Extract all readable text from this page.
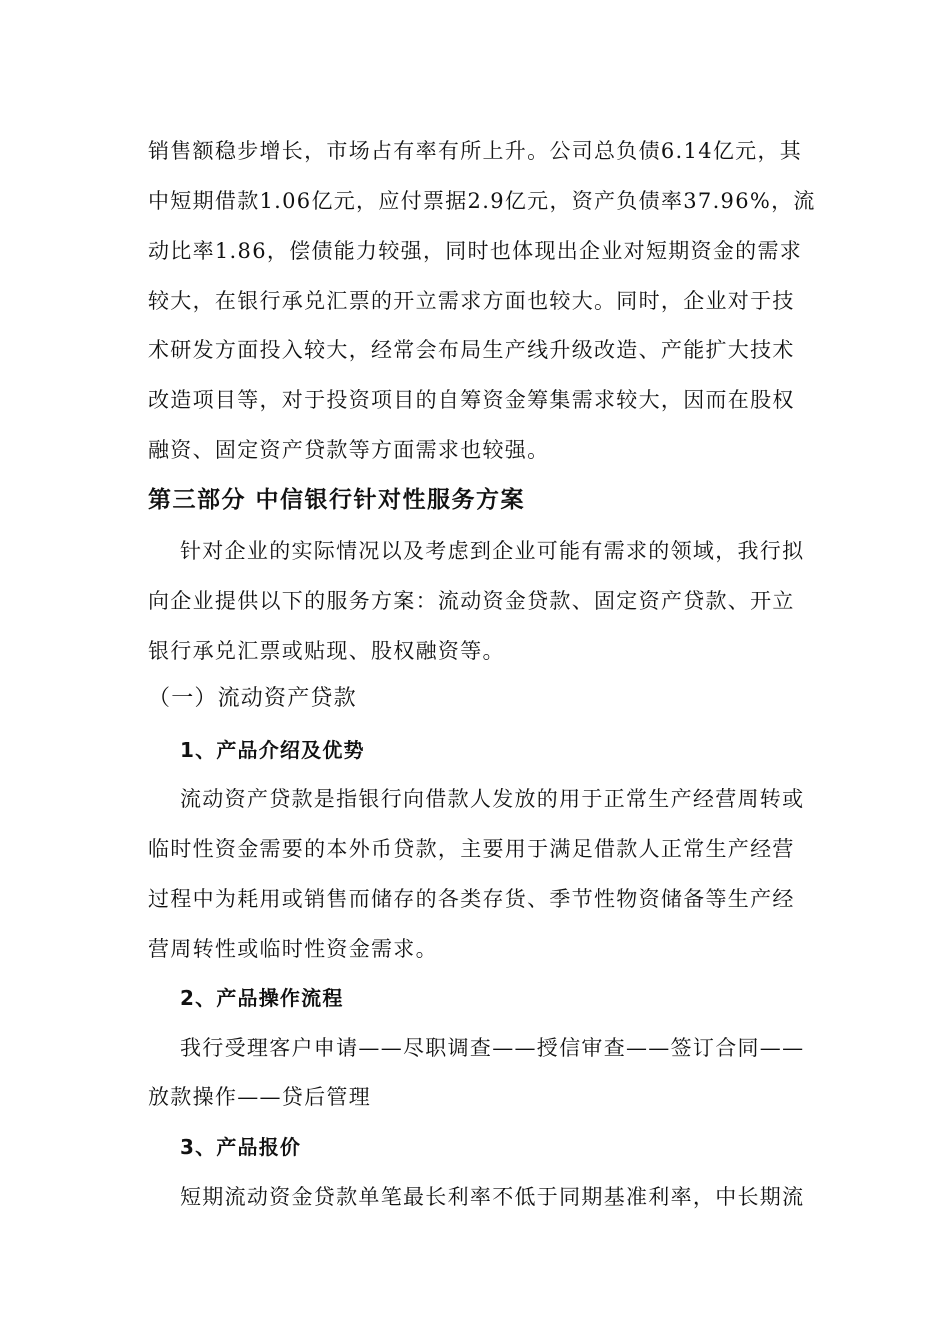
销售额稳步增长，市场占有率有所上升。公司总负债6.14亿元，其
中短期借款1.06亿元，应付票据2.9亿元，资产负债率37.96%，流
动比率1.86，偿债能力较强，同时也体现出企业对短期资金的需求
较大，在银行承兑汇票的开立需求方面也较大。同时，企业对于技
术研发方面投入较大，经常会布局生产线升级改造、产能扩大技术
改造项目等，对于投资项目的自筹资金筹集需求较大，因而在股权
融资、固定资产贷款等方面需求也较强。
第三部分 中信银行针对性服务方案
针对企业的实际情况以及考虑到企业可能有需求的领域，我行拟
向企业提供以下的服务方案：流动资金贷款、固定资产贷款、开立
银行承兑汇票或贴现、股权融资等。
（一）流动资产贷款
1、产品介绍及优势
流动资产贷款是指银行向借款人发放的用于正常生产经营周转或
临时性资金需要的本外币贷款，主要用于满足借款人正常生产经营
过程中为耗用或销售而储存的各类存货、季节性物资储备等生产经
营周转性或临时性资金需求。
2、产品操作流程
我行受理客户申请——尽职调查——授信审查——签订合同——
放款操作——贷后管理
3、产品报价
短期流动资金贷款单笔最长利率不低于同期基准利率，中长期流
